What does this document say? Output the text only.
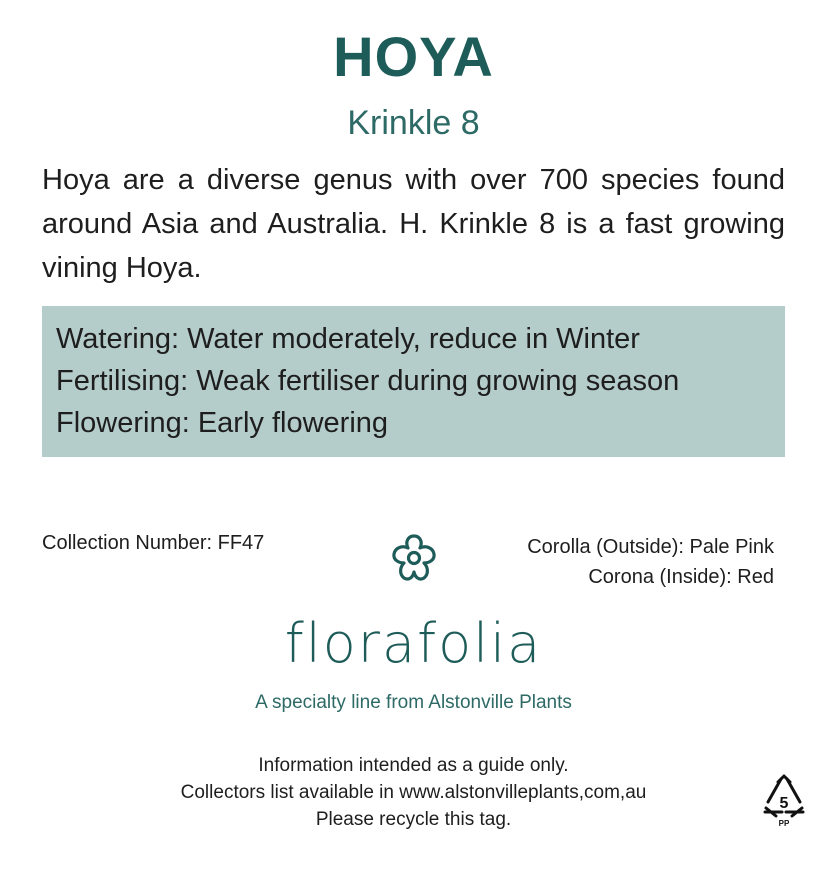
HOYA
Krinkle 8
Hoya are a diverse genus with over 700 species found around Asia and Australia. H. Krinkle 8 is a fast growing vining Hoya.
Watering: Water moderately, reduce in Winter
Fertilising: Weak fertiliser during growing season
Flowering: Early flowering
Collection Number: FF47	Corolla (Outside): Pale Pink
Corona (Inside): Red
florafolia
A specialty line from Alstonville Plants
Information intended as a guide only.
Collectors list available in www.alstonvilleplants,com,au
Please recycle this tag.
5
PP
